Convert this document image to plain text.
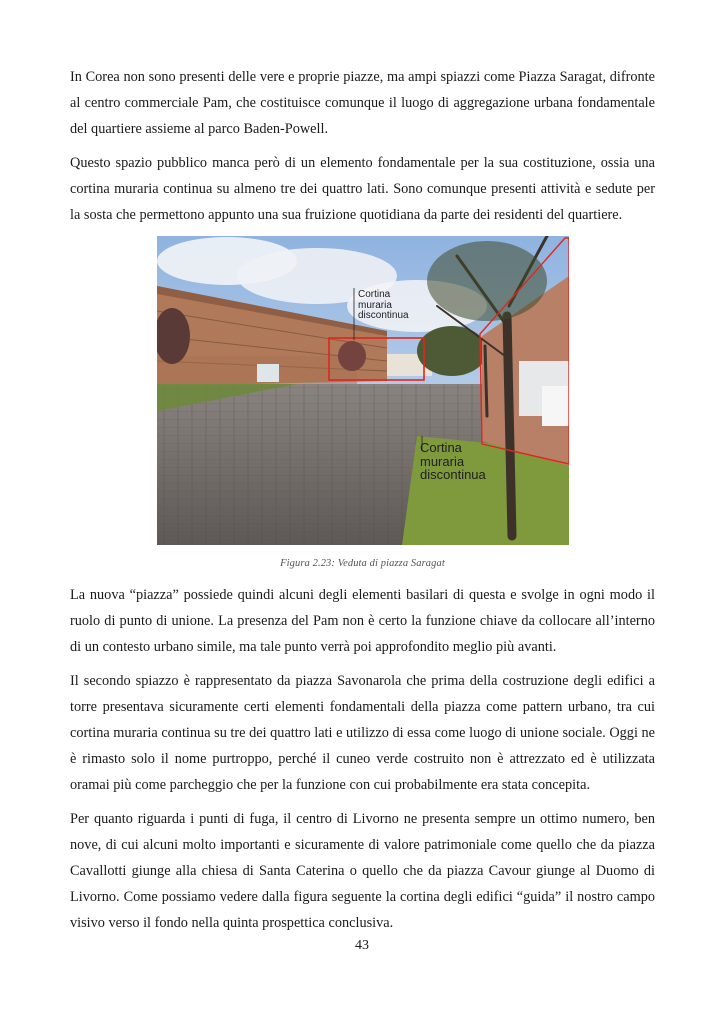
In Corea non sono presenti delle vere e proprie piazze, ma ampi spiazzi come Piazza Saragat, difronte al centro commerciale Pam, che costituisce comunque il luogo di aggregazione urbana fondamentale del quartiere assieme al parco Baden-Powell.

Questo spazio pubblico manca però di un elemento fondamentale per la sua costituzione, ossia una cortina muraria continua su almeno tre dei quattro lati. Sono comunque presenti attività e sedute per la sosta che permettono appunto una sua fruizione quotidiana da parte dei residenti del quartiere.

Cortina muraria discontinua
Cortina muraria discontinua
Figura 2.23: Veduta di piazza Saragat

La nuova “piazza” possiede quindi alcuni degli elementi basilari di questa e svolge in ogni modo il ruolo di punto di unione. La presenza del Pam non è certo la funzione chiave da collocare all’interno di un contesto urbano simile, ma tale punto verrà poi approfondito meglio più avanti.

Il secondo spiazzo è rappresentato da piazza Savonarola che prima della costruzione degli edifici a torre presentava sicuramente certi elementi fondamentali della piazza come pattern urbano, tra cui cortina muraria continua su tre dei quattro lati e utilizzo di essa come luogo di unione sociale. Oggi ne è rimasto solo il nome purtroppo, perché il cuneo verde costruito non è attrezzato ed è utilizzata oramai più come parcheggio che per la funzione con cui probabilmente era stata concepita.

Per quanto riguarda i punti di fuga, il centro di Livorno ne presenta sempre un ottimo numero, ben nove, di cui alcuni molto importanti e sicuramente di valore patrimoniale come quello che da piazza Cavallotti giunge alla chiesa di Santa Caterina o quello che da piazza Cavour giunge al Duomo di Livorno. Come possiamo vedere dalla figura seguente la cortina degli edifici “guida” il nostro campo visivo verso il fondo nella quinta prospettica conclusiva.

43
